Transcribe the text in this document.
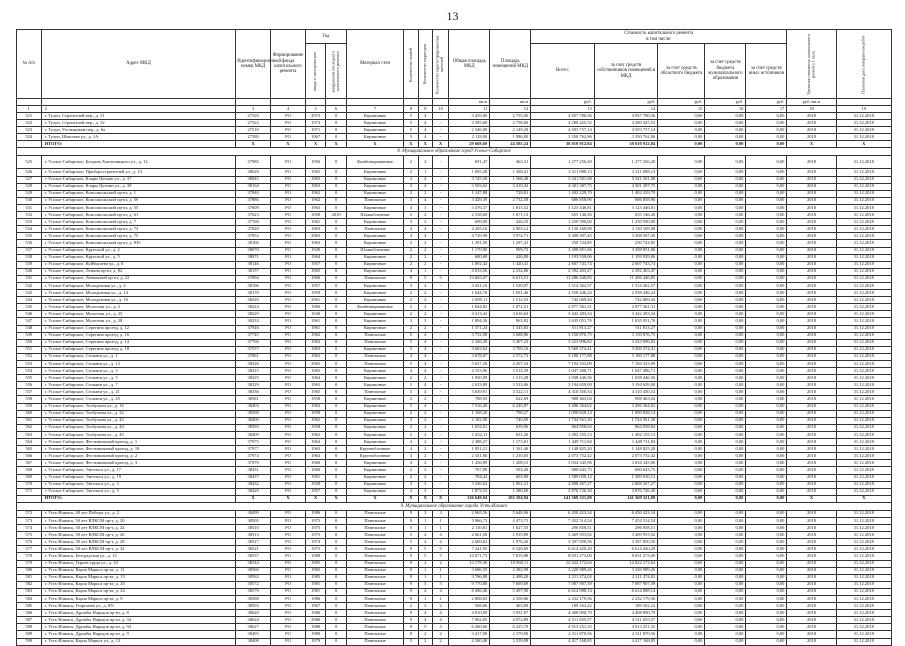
13
№ п/п	Адрес МКД	Идентификационный номер МКД	Формирование фонда капитального ремонта	Год		Материал стен	Количество этажей	Количество подъездов	Количество зарегистрированных жителей	Общая площадь МКД	Площадь помещений МКД	Стоимость капитального ремонта
в том числе:					Удельная стоимость капитального ремонта 1 кв.м.	Плановая дата завершения работ
				ввода в эксплуатацию	завершения последнего капитального ремонта							Всего:	за счет средств собственников помещений в МКД	за счет средств областного бюджета	за счет средств бюджета муниципального образования	за счет средств иных источников		
										кв.м	кв.м	руб.	руб.	руб.	руб.	руб.	руб./кв.м	
1	2	3	4	5	6	7	8	9	10	11	12	13	14	15	16	17	18	19
521	г. Тулун, Строителей пер., д. 31	27520	РО	1973	0	Кирпичные	5	4	-	3 459,00	2 755,00	4 957 780,36	4 957 780,36	0,00	0,00	0,00	2018	31.12.2018
522	г. Тулун, Строителей пер., д. 32	27522	РО	1973	0	Кирпичные	5	4	-	3 395,60	2 758,60	4 280 425,52	4 280 425,52	0,00	0,00	0,00	2018	31.12.2018
523	г. Тулун, Угольщиков пер., д. 6а	27510	РО	1971	0	Кирпичные	5	4	-	2 346,00	2 149,20	4 593 757,14	4 593 757,14	0,00	0,00	0,00	2018	31.12.2018
524	г. Тулун, Шмелева ул., д. 1А	27580	РО	1967	0	Кирпичные	5	4	-	2 118,00	1 986,00	3 350 762,96	3 350 762,96	0,00	0,00	0,00	2018	31.12.2018
	ИТОГО:	Х	Х	Х	Х	Х	Х	Х	Х	29 608,60	24 585,24	38 010 912,84	38 010 912,84	0,00	0,00	0,00	Х	Х
8. Муниципальное образование город Усолье-Сибирское																		
525	г. Усолье-Сибирское, Богдана Хмельницкого ул., д. 12	37985	РО	1956	0	Комбинированные	2	2	-	691,47	463,31	1 277 256,20	1 277 256,20	0,00	0,00	0,00	2018	31.12.2018
526	г. Усолье-Сибирское, Приборостроителей ул., д. 13	38029	РО	1965	0	Кирпичные	2	1	-	1 095,28	1 368,41	3 311 088,13	3 311 088,13	0,00	0,00	0,00	2018	31.12.2018
527	г. Усолье-Сибирское, Клары Цеткин ул., д. 37	38045	РО	1965	0	Кирпичные	3	4	-	3 745,50	1 568,48	5 341 501,08	5 341 501,08	0,00	0,00	0,00	2018	31.12.2018
528	г. Усолье-Сибирское, Клары Цеткин ул., д. 39	38164	РО	1963	0	Кирпичные	3	4	-	3 593,62	3 410,42	4 301 387,75	4 301 387,75	0,00	0,00	0,00	2018	31.12.2018
529	г. Усолье-Сибирское, Комсомольский пр-кт, д. 1	37840	РО	1962	0	Кирпичные	2	2	-	1 147,88	728,81	1 402 229,70	1 402 229,70	0,00	0,00	0,00	2018	31.12.2018
530	г. Усолье-Сибирское, Комсомольский пр-кт, д. 5б	37886	РО	1962	0	Панельные	3	4	-	3 429,39	2 732,58	686 858,96	686 858,96	0,00	0,00	0,00	2018	31.12.2018
531	г. Усолье-Сибирское, Комсомольский пр-кт, д. 55	37609	РО	1963	0	Кирпичные	4	1	-	3 376,37	1 815,52	3 123 446,81	3 123 446,81	0,00	0,00	0,00	2018	31.12.2018
532	г. Усолье-Сибирское, Комсомольский пр-кт, д. 61	37623	РО	1958	2010	Шлакоблочные	2	2	-	2 538,60	1 671,13	655 146,26	655 146,26	0,00	0,00	0,00	2018	31.12.2018
533	г. Усолье-Сибирское, Комсомольский пр-кт, д. 7	37769	РО	1961	0	Кирпичные	3	2	-	699,00	426,35	1 250 590,00	1 250 590,00	0,00	0,00	0,00	2018	31.12.2018
534	г. Усолье-Сибирское, Комсомольский пр-кт, д. 73	37820	РО	1963	0	Панельные	4	4	-	4 205,16	2 903,12	3 130 169,98	3 130 169,98	0,00	0,00	0,00	2018	31.12.2018
535	г. Усолье-Сибирское, Комсомольский пр-кт, д. 75	37952	РО	1963	0	Кирпичные	4	4	-	4 729,98	3 974,71	3 308 507,45	3 308 507,45	0,00	0,00	0,00	2018	31.12.2018
536	г. Усолье-Сибирское, Комсомольский пр-кт, д. 83б	38166	РО	1963	0	Кирпичные	2	2	-	1 291,50	1 297,41	250 724,85	250 724,85	0,00	0,00	0,00	2018	31.12.2018
537	г. Усолье-Сибирское, Крупской ул., д. 2	38070	РО	1949	0	Шлакоблочные	2	2	-	1 170,90	909,72	3 298 851,06	3 298 851,06	0,00	0,00	0,00	2018	31.12.2018
538	г. Усолье-Сибирское, Крупской ул., д. 5	38071	РО	1964	0	Кирпичные	2	2	-	680,68	426,80	1 193 939,06	1 193 939,06	0,00	0,00	0,00	2018	31.12.2018
539	г. Усолье-Сибирское, Куйбышева ул., д. 8	38146	РО	1957	0	Кирпичные	2	2	-	1 892,42	1 420,41	2 607 743,74	2 607 743,74	0,00	0,00	0,00	2018	31.12.2018
540	г. Усолье-Сибирское, Ленина пр-кт, д. 82	38157	РО	1965	0	Кирпичные	4	1	-	4 033,56	2 234,86	2 392 403,47	2 392 403,47	0,00	0,00	0,00	2018	31.12.2018
541	г. Усолье-Сибирское, Ленинский пр-кт, д. 22	37894	РО	1966	0	Панельные	9	5	5	13 665,07	6 613,51	11 286 446,85	11 286 446,85	0,00	0,00	0,00	2018	31.12.2018
542	г. Усолье-Сибирское, Молодежная ул., д. 4	38196	РО	1957	0	Кирпичные	3	4	-	3 431,16	1 539,97	1 514 362,57	1 514 362,57	0,00	0,00	0,00	2018	31.12.2018
543	г. Усолье-Сибирское, Молодежная ул., д. 14	38170	РО	1959	0	Кирпичные	2	2	-	1 644,76	1 691,46	2 558 446,24	2 558 446,24	0,00	0,00	0,00	2018	31.12.2018
544	г. Усолье-Сибирское, Молодежная ул., д. 16	38220	РО	1961	0	Кирпичные	2	2	-	1 099,11	1 512,53	742 069,44	742 069,44	0,00	0,00	0,00	2018	31.12.2018
545	г. Усолье-Сибирское, Молотова ул., д. 2	38224	РО	1960	0	Комбинированные	2	2	-	1 044,82	1 072,31	2 877 361,31	2 877 361,31	0,00	0,00	0,00	2018	31.12.2018
546	г. Усолье-Сибирское, Молотова ул., д. 25	38229	РО	1940	0	Кирпичные	2	2	-	4 313,42	3 616,64	3 442 283,34	3 442 283,34	0,00	0,00	0,00	2018	31.12.2018
547	г. Усолье-Сибирское, Молотова ул., д. 28	38233	РО	1961	0	Кирпичные	3	3	-	1 894,36	963,82	1 635 051,76	1 635 051,76	0,00	0,00	0,00	2018	31.12.2018
548	г. Усолье-Сибирское, Серегина проезд, д. 12	37946	РО	1961	0	Кирпичные	2	2	-	1 371,24	1 345,83	511 813,27	511 813,27	0,00	0,00	0,00	2018	31.12.2018
549	г. Усолье-Сибирское, Серегина проезд, д. 16	37745	РО	1962	0	Панельные	5	4	-	3 752,98	3 688,86	3 150 876,75	3 150 876,75	0,00	0,00	0,00	2018	31.12.2018
550	г. Усолье-Сибирское, Серегина проезд, д. 14	37760	РО	1963	0	Панельные	5	4	-	2 346,50	3 407,23	3 223 996,82	3 223 996,82	0,00	0,00	0,00	2018	31.12.2018
551	г. Усолье-Сибирское, Серегина проезд, д. 18	37537	РО	1963	0	Кирпичные	5	4	-	3 663,62	3 705,16	3 569 374,41	3 569 374,41	0,00	0,00	0,00	2018	31.12.2018
552	г. Усолье-Сибирское, Стопани ул., д. 1	37861	РО	1963	0	Панельные	4	4	-	3 678,67	2 572,73	3 180 177,88	3 180 177,88	0,00	0,00	0,00	2018	31.12.2018
553	г. Усолье-Сибирское, Стопани ул., д. 13	38326	РО	1965	0	Панельные	5	4	-	5 657,20	4 207,54	7 194 333,09	7 194 333,09	0,00	0,00	0,00	2018	31.12.2018
554	г. Усолье-Сибирское, Стопани ул., д. 3	38315	РО	1965	0	Кирпичные	4	4	-	4 153,96	3 514,39	1 047 486,71	1 047 486,71	0,00	0,00	0,00	2018	31.12.2018
555	г. Усолье-Сибирское, Стопани ул., д. 5	38325	РО	1964	0	Кирпичные	2	2	-	1 930,09	1 515,28	1 038 446,56	1 038 446,56	0,00	0,00	0,00	2018	31.12.2018
556	г. Усолье-Сибирское, Стопани ул., д. 7	38329	РО	1965	0	Кирпичные	5	4	-	2 633,89	3 533,06	3 194 659,00	3 194 659,00	0,00	0,00	0,00	2018	31.12.2018
557	г. Усолье-Сибирское, Стопани ул., д. 21	38336	РО	1965	0	Панельные	5	4	-	3 639,91	3 522,11	4 310 450,54	4 310 450,54	0,00	0,00	0,00	2018	31.12.2018
558	г. Усолье-Сибирское, Стопани ул., д. 25	38381	РО	1958	0	Кирпичные	2	2	-	788,93	622,69	908 463,04	908 463,04	0,00	0,00	0,00	2018	31.12.2018
559	г. Усолье-Сибирское, Толбухина ул., д. 16	38403	РО	1963	0	Кирпичные	5	4	-	7 516,49	6 249,87	3 496 364,62	3 496 364,62	0,00	0,00	0,00	2018	31.12.2018
560	г. Усолье-Сибирское, Толбухина ул., д. 32	38398	РО	1958	0	Кирпичные	2	2	-	1 168,20	798,27	1 090 828,14	1 090 828,14	0,00	0,00	0,00	2018	31.12.2018
561	г. Усолье-Сибирское, Толбухина ул., д. 42	38400	РО	1962	0	Кирпичные	3	2	-	2 182,90	740,09	1 744 561,30	1 744 561,30	0,00	0,00	0,00	2018	31.12.2018
562	г. Усолье-Сибирское, Толбухина ул., д. 44	38393	РО	1958	0	Кирпичные	2	2	-	1 032,91	639,96	864 958,04	864 958,04	0,00	0,00	0,00	2018	31.12.2018
563	г. Усолье-Сибирское, Толбухина ул., д. 45	38409	РО	1962	0	Кирпичные	2	2	-	1 432,11	631,26	1 492 155,13	1 492 155,13	0,00	0,00	0,00	2018	31.12.2018
564	г. Усолье-Сибирское, Фестивальный проезд, д. 1	37975	РО	1964	0	Кирпичные	4	2	-	2 388,27	1 173,01	1 449 711,84	1 449 711,84	0,00	0,00	0,00	2018	31.12.2018
565	г. Усолье-Сибирское, Фестивальный проезд, д. 18	37977	РО	1963	0	Крупноблочные	4	2	-	1 951,21	1 161,46	1 148 825,20	1 148 825,20	0,00	0,00	0,00	2018	31.12.2018
566	г. Усолье-Сибирское, Фестивальный проезд, д. 2	37974	РО	1964	0	Крупноблочные	4	2	-	2 331,86	1 210,05	2 073 752,42	2 073 752,42	0,00	0,00	0,00	2018	31.12.2018
567	г. Усолье-Сибирское, Фестивальный проезд, д. 3	37979	РО	1960	0	Кирпичные	4	2	-	1 436,89	1 208,15	3 034 345,96	3 034 345,96	0,00	0,00	0,00	2018	31.12.2018
568	г. Усолье-Сибирское, Энгельса ул., д. 17	38431	РО	1960	0	Кирпичные	2	2	-	767,89	593,49	680 643,75	680 643,75	0,00	0,00	0,00	2018	31.12.2018
569	г. Усолье-Сибирское, Энгельса ул., д. 19	38437	РО	1961	0	Кирпичные	2	2	-	784,42	603,80	1 589 030,12	1 589 030,12	0,00	0,00	0,00	2018	31.12.2018
570	г. Усолье-Сибирское, Энгельса ул., д. 3	38432	РО	1958	0	Кирпичные	3	3	-	3 336,64	1 961,21	2 808 267,27	2 808 267,27	0,00	0,00	0,00	2018	31.12.2018
571	г. Усолье-Сибирское, Энгельса ул., д. 5	38429	РО	1957	0	Кирпичные	3	3	-	1 873,53	1 380,60	3 876 726,30	3 876 726,30	0,00	0,00	0,00	2018	31.12.2018
	ИТОГО:	Х	Х	Х	Х	Х	Х	Х	Х	136 649,04	102 104,94	141 369 321,09	141 369 321,09	0,00	0,00	0,00	Х	Х
9. Муниципальное образование города Усть-Илимск																		
572	г. Усть-Илимск, 40 лет Победы ул., д. 2	38499	РО	1986	0	Панельные	9	3	3	2 965,56	5 648,06	6 450 423,34	6 450 423,34	0,00	0,00	0,00	2018	31.12.2018
573	г. Усть-Илимск, 50 лет ВЛКСМ пр-т, д. 20	38505	РО	1975	0	Панельные	9	1	1	5 966,73	4 473,75	7 452 514,54	7 452 514,54	0,00	0,00	0,00	2018	31.12.2018
574	г. Усть-Илимск, 50 лет ВЛКСМ пр-т, д. 24	38510	РО	1975	0	Панельные	5	1	1	2 110,81	1 827,55	296 858,51	296 858,51	0,00	0,00	0,00	2018	31.12.2018
575	г. Усть-Илимск, 50 лет ВЛКСМ пр-т, д. 26	38513	РО	1975	0	Панельные	5	4	4	2 661,50	1 919,89	3 469 953,92	3 469 953,92	0,00	0,00	0,00	2018	31.12.2018
576	г. Усть-Илимск, 50 лет ВЛКСМ пр-т, д. 28	38517	РО	1974	0	Панельные	5	4	4	2 669,62	1 976,26	3 397 850,56	3 397 850,56	0,00	0,00	0,00	2018	31.12.2018
577	г. Усть-Илимск, 50 лет ВЛКСМ пр-т, д. 32	38521	РО	1975	0	Панельные	9	5	5	7 241,95	6 320,69	6 614 420,29	6 614 420,29	0,00	0,00	0,00	2018	31.12.2018
578	г. Усть-Илимск, Белградская ул., д. 12	38537	РО	1988	0	Панельные	9	5	5	14 071,73	7 819,88	8 031 273,00	8 031 273,00	0,00	0,00	0,00	2018	31.12.2018
579	г. Усть-Илимск, Героев труда ул., д. 43	38544	РО	1985	0	Панельные	9	2	2	13 178,30	10 568,11	12 022 172,64	12 022 172,64	0,00	0,00	0,00	2018	31.12.2018
580	г. Усть-Илимск, Карла Маркса пр-кт, д. 11	38560	РО	1982	0	Панельные	9	1	1	3 686,59	2 282,98	3 220 989,26	3 220 989,26	0,00	0,00	0,00	2018	31.12.2018
581	г. Усть-Илимск, Карла Маркса пр-кт, д. 13	38563	РО	1983	0	Панельные	9	1	1	3 766,88	2 498,20	2 211 274,02	2 211 274,02	0,00	0,00	0,00	2018	31.12.2018
582	г. Усть-Илимск, Карла Маркса пр-кт, д. 20	38572	РО	1981	0	Панельные	9	5	5	9 770,80	7 669,69	7 087 907,39	7 087 907,39	0,00	0,00	0,00	2018	31.12.2018
583	г. Усть-Илимск, Карла Маркса пр-кт, д. 24	38579	РО	1981	0	Панельные	9	4	4	8 496,46	5 497,90	6 614 088,14	6 614 088,14	0,00	0,00	0,00	2018	31.12.2018
584	г. Усть-Илимск, Карла Маркса пр-кт, д. 9	38588	РО	1986	0	Панельные	9	1	1	2 808,03	2 358,86	2 232 179,56	2 232 179,56	0,00	0,00	0,00	2018	31.12.2018
585	г. Усть-Илимск, Георгиева ул., д. 8/9	38593	РО	1967	0	Панельные	2	2	2	568,66	463,89	189 162,22	189 162,22	0,00	0,00	0,00	2018	31.12.2018
586	г. Усть-Илимск, Дружбы Народов пр-кт, д. 8	38620	РО	1986	0	Панельные	9	4	4	4 010,00	3 931,97	4 408 890,79	4 408 890,79	0,00	0,00	0,00	2018	31.12.2018
587	г. Усть-Илимск, Дружбы Народов пр-кт, д. 34	38624	РО	1986	0	Панельные	9	4	4	7 962,65	4 972,89	4 511 655,57	4 511 655,57	0,00	0,00	0,00	2018	31.12.2018
588	г. Усть-Илимск, Дружбы Народов пр-кт, д. 92	38627	РО	1988	0	Панельные	9	5	5	6 260,66	6 225,79	4 913 251,35	4 913 251,35	0,00	0,00	0,00	2018	31.12.2018
589	г. Усть-Илимск, Дружбы Народов пр-кт, д. 9	38495	РО	1980	0	Панельные	9	2	2	3 417,00	2 379,90	2 311 870,56	2 311 870,56	0,00	0,00	0,00	2018	31.12.2018
590	г. Усть-Илимск, Карла Маркса ул., д. 13	38408	РО	1979	0	Панельные	5	2	2	4 360,40	3 559,08	4 417 168,85	4 417 168,85	0,00	0,00	0,00	2018	31.12.2018
